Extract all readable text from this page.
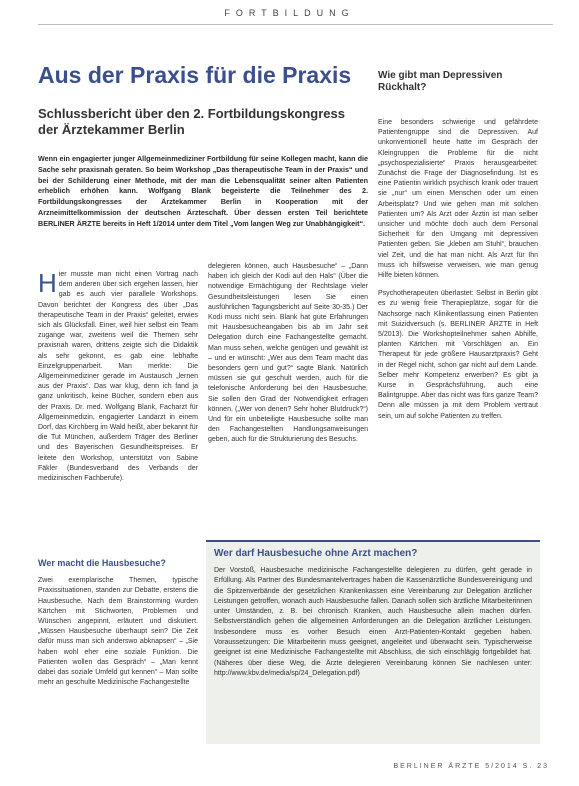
FORTBILDUNG
Aus der Praxis für die Praxis
Schlussbericht über den 2. Fortbildungskongress der Ärztekammer Berlin

Wenn ein engagierter junger Allgemeinmediziner Fortbildung für seine Kollegen macht, kann die Sache sehr praxisnah geraten. So beim Workshop „Das therapeutische Team in der Praxis“ und bei der Schilderung einer Methode, mit der man die Lebensqualität seiner alten Patienten erheblich erhöhen kann. Wolfgang Blank begeisterte die Teilnehmer des 2. Fortbildungskongresses der Ärztekammer Berlin in Kooperation mit der Arzneimittelkommission der deutschen Ärzteschaft. Über dessen ersten Teil berichtete BERLINER ÄRZTE bereits in Heft 1/2014 unter dem Titel „Vom langen Weg zur Unabhängigkeit“.

H ier musste man nicht einen Vortrag nach dem anderen über sich ergehen lassen, hier gab es auch vier parallele Workshops. Davon berichtet der Kongress des über „Das therapeutische Team in der Praxis“ geleitet, erwies sich als Glücksfall. Einer, weil hier selbst ein Team zugange war, zweitens weil die Themen sehr praxisnah waren, drittens zeigte sich die Didaktik als sehr gekonnt, es gab eine lebhafte Einzelgruppenarbeit. Man merkte: Die Allgemeinmediziner gerade im Austausch „lernen aus der Praxis“. Das war klug, denn ich fand ja ganz unkritisch, keine Bücher, sondern eben aus der Praxis. Dr. med. Wolfgang Blank, Facharzt für Allgemeinmedizin, engagierter Landarzt in einem Dorf, das Kirchberg im Wald heißt, aber bekannt für die Tut München, außerdem Träger des Berliner und des Bayerischen Gesundheitspreises. Er leitete den Workshop, unterstützt von Sabine Fäkler (Bundesverband des Verbands der medizinischen Fachberufe).

Wer macht die Hausbesuche?

Zwei exemplarische Themen, typische Praxissituationen, standen zur Debatte, erstens die Hausbesuche. Nach dem Brainstorming wurden Kärtchen mit Stichworten, Problemen und Wünschen angepinnt, erläutert und diskutiert. „Müssen Hausbesuche überhaupt sein? Die Zeit dafür muss man sich anderswo abknapsen“ – „Sie haben wohl eher eine soziale Funktion. Die Patienten wollen das Gespräch“ – „Man kennt dabei das soziale Umfeld gut kennen“ – Man sollte mehr an geschulte Medizinische Fachangestellte

delegieren können, auch Hausbesuche“ – „Dann haben ich gleich der Kodi auf den Hals“ (Über die notwendige Ermächtigung der Rechtslage vieler Gesundheitsleistungen lesen Sie einen ausführlichen Tagungsbericht auf Seite 30-35.) Der Kodi muss nicht sein. Blank hat gute Erfahrungen mit Hausbesucheangaben bis ab im Jahr seit Delegation durch eine Fachangestellte gemacht. Man muss sehen, welche genügen und gewählt ist – und er wünscht: „Wer aus dem Team macht das besonders gern und gut?“ sagte Blank. Natürlich müssen sie gut geschult werden, auch für die telefonische Anforderung bei den Hausbesuche. Sie sollen den Grad der Notwendigkeit erfragen können. („Wer von denen? Sehr hoher Blutdruck?“) Und für ein unbeteiligte Hausbesuche sollte man den Fachangestellten Handlungsanweisungen geben, auch für die Strukturierung des Besuchs.

Wie gibt man Depressiven Rückhalt?

Eine besonders schwierige und gefährdete Patientengruppe sind die Depressiven. Auf unkonventionell heute hatte im Gespräch der Kleingruppen die Probleme für die nicht „psychospezialisierte“ Praxis herausgearbeitet: Zunächst die Frage der Diagnosefindung. Ist es eine Patientin wirklich psychisch krank oder trauert sie „nur“ um einen Menschen oder um einen Arbeitsplatz? Und wie gehen man mit solchen Patienten um? Als Arzt oder Ärztin ist man selber unsicher und möchte doch auch dem Personal Sicherheit für den Umgang mit depressiven Patienten geben. Sie „kleben am Stuhl“, brauchen viel Zeit, und die hat man nicht. Als Arzt für Ihn muss ich hilfsweise verweisen, wie man genug Hilfe bieten können.

Psychotherapeuten überlastet: Selbst in Berlin gibt es zu wenig freie Therapieplätze, sogar für die Nachsorge nach Klinikentlassung einen Patienten mit Suizidversuch (s. BERLINER ÄRZTE in Heft 5/2013). Die Workshopteilnehmer sahen Abhilfe, planten Kärtchen mit Vorschlägen an. Ein Therapeut für jede größere Hausarztpraxis? Geht in der Regel nicht, schon gar nicht auf dem Lande. Selber mehr Kompetenz erwerben? Es gibt ja Kurse in Gesprächsführung, auch eine Balintgruppe. Aber das nicht was fürs ganze Team? Denn alle müssen ja mit dem Problem vertraut sein, um auf solche Patienten zu treffen.

Wer darf Hausbesuche ohne Arzt machen?
Der Vorstoß, Hausbesuche medizinische Fachangestellte delegieren zu dürfen, geht gerade in Erfüllung. Als Partner des Bundesmantelvertrages haben die Kassenärztliche Bundesvereinigung und die Spitzenverbände der gesetzlichen Krankenkassen eine Vereinbarung zur Delegation ärztlicher Leistungen getroffen, wonach auch Hausbesuche fallen. Danach sollen sich ärztliche Mitarbeiterinnen unter Umständen, z. B. bei chronisch Kranken, auch Hausbesuche allein machen dürfen. Selbstverständlich gehen die allgemeinen Anforderungen an die Delegation ärztlicher Leistungen. Insbesondere muss es vorher Besuch einen Arzt-Patienten-Kontakt gegeben haben. Voraussetzungen: Die Mitarbeiterin muss geeignet, angeleitet und überwacht sein. Typischerweise geeignet ist eine Medizinische Fachangestellte mit Abschluss, die sich einschlägig fortgebildet hat. (Näheres über diese Weg, die Ärzte delegieren Vereinbarung können Sie nachlesen unter: http://www.kbv.de/media/sp/24_Delegation.pdf)
BERLINER ÄRZTE 5/2014 S. 23
